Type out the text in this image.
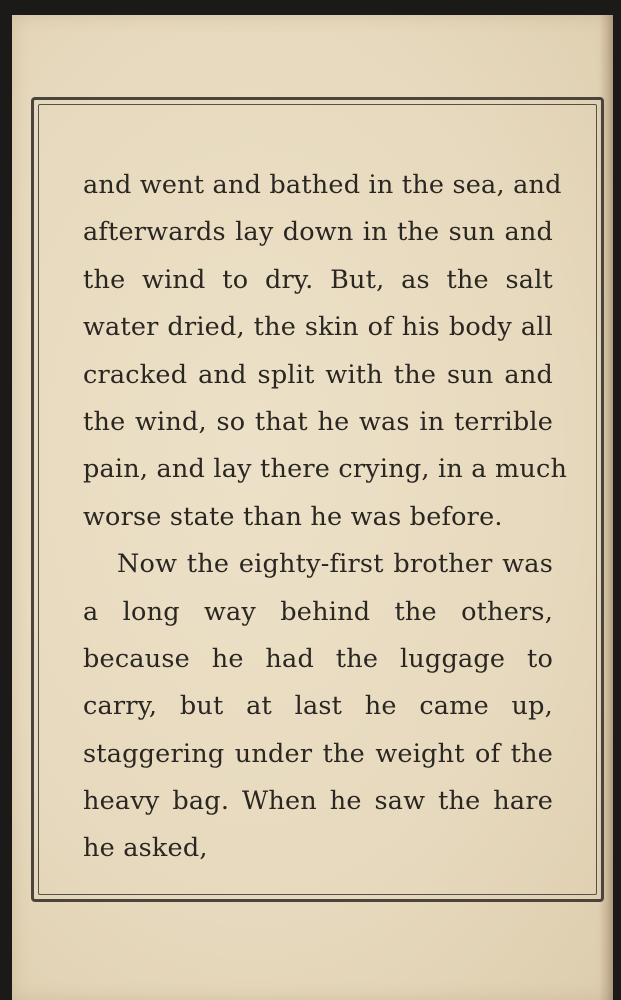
and went and bathed in the sea, and
afterwards lay down in the sun and
the wind to dry. But, as the salt
water dried, the skin of his body all
cracked and split with the sun and
the wind, so that he was in terrible
pain, and lay there crying, in a much
worse state than he was before.
Now the eighty-first brother was
a long way behind the others,
because he had the luggage to
carry, but at last he came up,
staggering under the weight of the
heavy bag. When he saw the hare
he asked,
